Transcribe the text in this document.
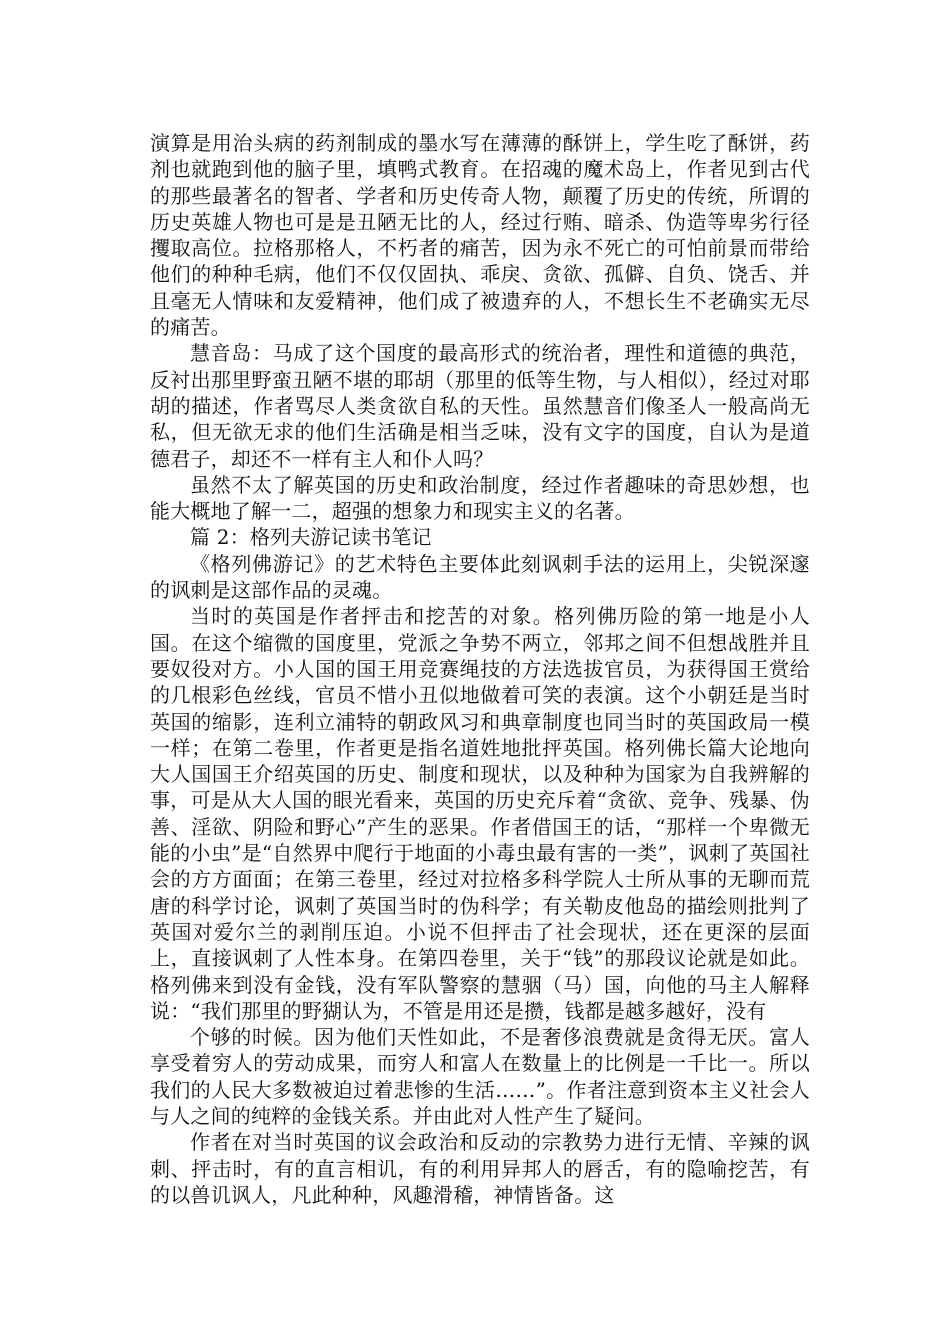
演算是用治头病的药剂制成的墨水写在薄薄的酥饼上，学生吃了酥饼，药剂也就跑到他的脑子里，填鸭式教育。在招魂的魔术岛上，作者见到古代的那些最著名的智者、学者和历史传奇人物，颠覆了历史的传统，所谓的历史英雄人物也可是是丑陋无比的人，经过行贿、暗杀、伪造等卑劣行径攫取高位。拉格那格人，不朽者的痛苦，因为永不死亡的可怕前景而带给他们的种种毛病，他们不仅仅固执、乖戾、贪欲、孤僻、自负、饶舌、并且毫无人情味和友爱精神，他们成了被遗弃的人，不想长生不老确实无尽的痛苦。

慧音岛：马成了这个国度的最高形式的统治者，理性和道德的典范，反衬出那里野蛮丑陋不堪的耶胡（那里的低等生物，与人相似），经过对耶胡的描述，作者骂尽人类贪欲自私的天性。虽然慧音们像圣人一般高尚无私，但无欲无求的他们生活确是相当乏味，没有文字的国度，自认为是道德君子，却还不一样有主人和仆人吗？

虽然不太了解英国的历史和政治制度，经过作者趣味的奇思妙想，也能大概地了解一二，超强的想象力和现实主义的名著。

篇 2：格列夫游记读书笔记

《格列佛游记》的艺术特色主要体此刻讽刺手法的运用上，尖锐深邃的讽刺是这部作品的灵魂。

当时的英国是作者抨击和挖苦的对象。格列佛历险的第一地是小人国。在这个缩微的国度里，党派之争势不两立，邻邦之间不但想战胜并且要奴役对方。小人国的国王用竞赛绳技的方法选拔官员，为获得国王赏给的几根彩色丝线，官员不惜小丑似地做着可笑的表演。这个小朝廷是当时英国的缩影，连利立浦特的朝政风习和典章制度也同当时的英国政局一模一样；在第二卷里，作者更是指名道姓地批抨英国。格列佛长篇大论地向大人国国王介绍英国的历史、制度和现状，以及种种为国家为自我辨解的事，可是从大人国的眼光看来，英国的历史充斥着“贪欲、竞争、残暴、伪善、淫欲、阴险和野心”产生的恶果。作者借国王的话，“那样一个卑微无能的小虫”是“自然界中爬行于地面的小毒虫最有害的一类”，讽刺了英国社会的方方面面；在第三卷里，经过对拉格多科学院人士所从事的无聊而荒唐的科学讨论，讽刺了英国当时的伪科学；有关勒皮他岛的描绘则批判了英国对爱尔兰的剥削压迫。小说不但抨击了社会现状，还在更深的层面上，直接讽刺了人性本身。在第四卷里，关于“钱”的那段议论就是如此。格列佛来到没有金钱，没有军队警察的慧骃（马）国，向他的马主人解释说：“我们那里的野猢认为，不管是用还是攒，钱都是越多越好，没有

个够的时候。因为他们天性如此，不是奢侈浪费就是贪得无厌。富人享受着穷人的劳动成果，而穷人和富人在数量上的比例是一千比一。所以我们的人民大多数被迫过着悲惨的生活……”。作者注意到资本主义社会人与人之间的纯粹的金钱关系。并由此对人性产生了疑问。

作者在对当时英国的议会政治和反动的宗教势力进行无情、辛辣的讽刺、抨击时，有的直言相讥，有的利用异邦人的唇舌，有的隐喻挖苦，有的以兽讥讽人，凡此种种，风趣滑稽，神情皆备。这
